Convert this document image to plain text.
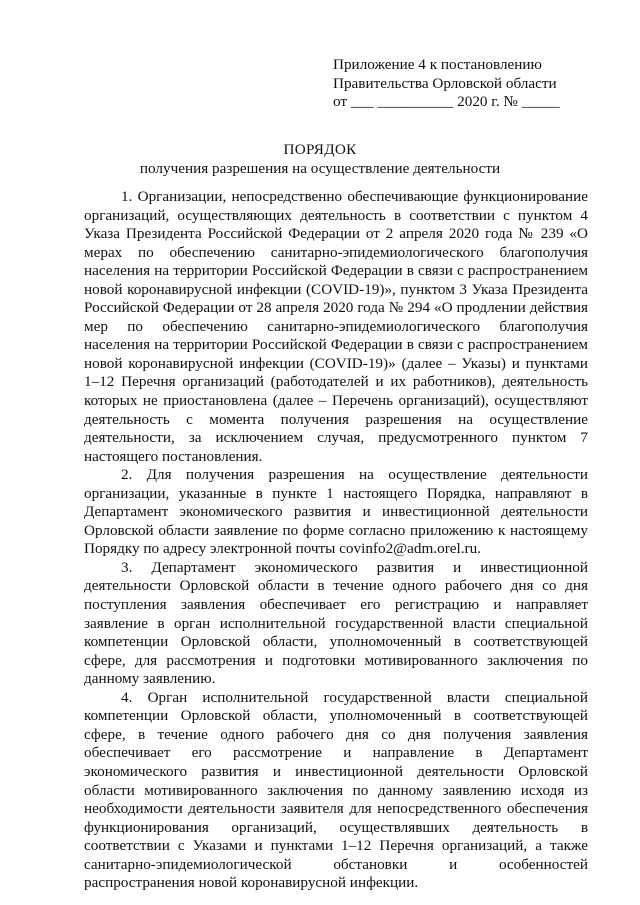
Приложение 4 к постановлению
Правительства Орловской области
от ___ __________ 2020 г. № _____
ПОРЯДОК
получения разрешения на осуществление деятельности

1. Организации, непосредственно обеспечивающие функционирование организаций, осуществляющих деятельность в соответствии с пунктом 4 Указа Президента Российской Федерации от 2 апреля 2020 года № 239 «О мерах по обеспечению санитарно-эпидемиологического благополучия населения на территории Российской Федерации в связи с распространением новой коронавирусной инфекции (COVID-19)», пунктом 3 Указа Президента Российской Федерации от 28 апреля 2020 года № 294 «О продлении действия мер по обеспечению санитарно-эпидемиологического благополучия населения на территории Российской Федерации в связи с распространением новой коронавирусной инфекции (COVID-19)» (далее – Указы) и пунктами 1–12 Перечня организаций (работодателей и их работников), деятельность которых не приостановлена (далее – Перечень организаций), осуществляют деятельность с момента получения разрешения на осуществление деятельности, за исключением случая, предусмотренного пунктом 7 настоящего постановления.

2. Для получения разрешения на осуществление деятельности организации, указанные в пункте 1 настоящего Порядка, направляют в Департамент экономического развития и инвестиционной деятельности Орловской области заявление по форме согласно приложению к настоящему Порядку по адресу электронной почты covinfo2@adm.orel.ru.

3. Департамент экономического развития и инвестиционной деятельности Орловской области в течение одного рабочего дня со дня поступления заявления обеспечивает его регистрацию и направляет заявление в орган исполнительной государственной власти специальной компетенции Орловской области, уполномоченный в соответствующей сфере, для рассмотрения и подготовки мотивированного заключения по данному заявлению.

4. Орган исполнительной государственной власти специальной компетенции Орловской области, уполномоченный в соответствующей сфере, в течение одного рабочего дня со дня получения заявления обеспечивает его рассмотрение и направление в Департамент экономического развития и инвестиционной деятельности Орловской области мотивированного заключения по данному заявлению исходя из необходимости деятельности заявителя для непосредственного обеспечения функционирования организаций, осуществлявших деятельность в соответствии с Указами и пунктами 1–12 Перечня организаций, а также санитарно-эпидемиологической обстановки и особенностей распространения новой коронавирусной инфекции.
